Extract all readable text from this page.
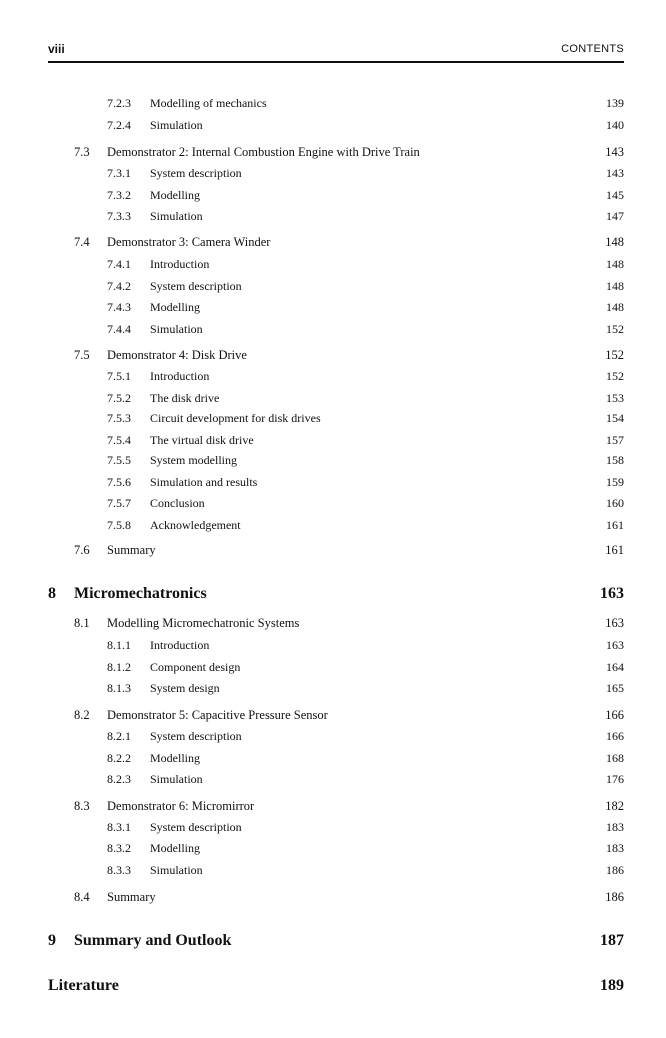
viii	CONTENTS
7.2.3 Modelling of mechanics	139
7.2.4 Simulation	140
7.3 Demonstrator 2: Internal Combustion Engine with Drive Train	143
7.3.1 System description	143
7.3.2 Modelling	145
7.3.3 Simulation	147
7.4 Demonstrator 3: Camera Winder	148
7.4.1 Introduction	148
7.4.2 System description	148
7.4.3 Modelling	148
7.4.4 Simulation	152
7.5 Demonstrator 4: Disk Drive	152
7.5.1 Introduction	152
7.5.2 The disk drive	153
7.5.3 Circuit development for disk drives	154
7.5.4 The virtual disk drive	157
7.5.5 System modelling	158
7.5.6 Simulation and results	159
7.5.7 Conclusion	160
7.5.8 Acknowledgement	161
7.6 Summary	161
8 Micromechatronics	163
8.1 Modelling Micromechatronic Systems	163
8.1.1 Introduction	163
8.1.2 Component design	164
8.1.3 System design	165
8.2 Demonstrator 5: Capacitive Pressure Sensor	166
8.2.1 System description	166
8.2.2 Modelling	168
8.2.3 Simulation	176
8.3 Demonstrator 6: Micromirror	182
8.3.1 System description	183
8.3.2 Modelling	183
8.3.3 Simulation	186
8.4 Summary	186
9 Summary and Outlook	187
Literature	189
